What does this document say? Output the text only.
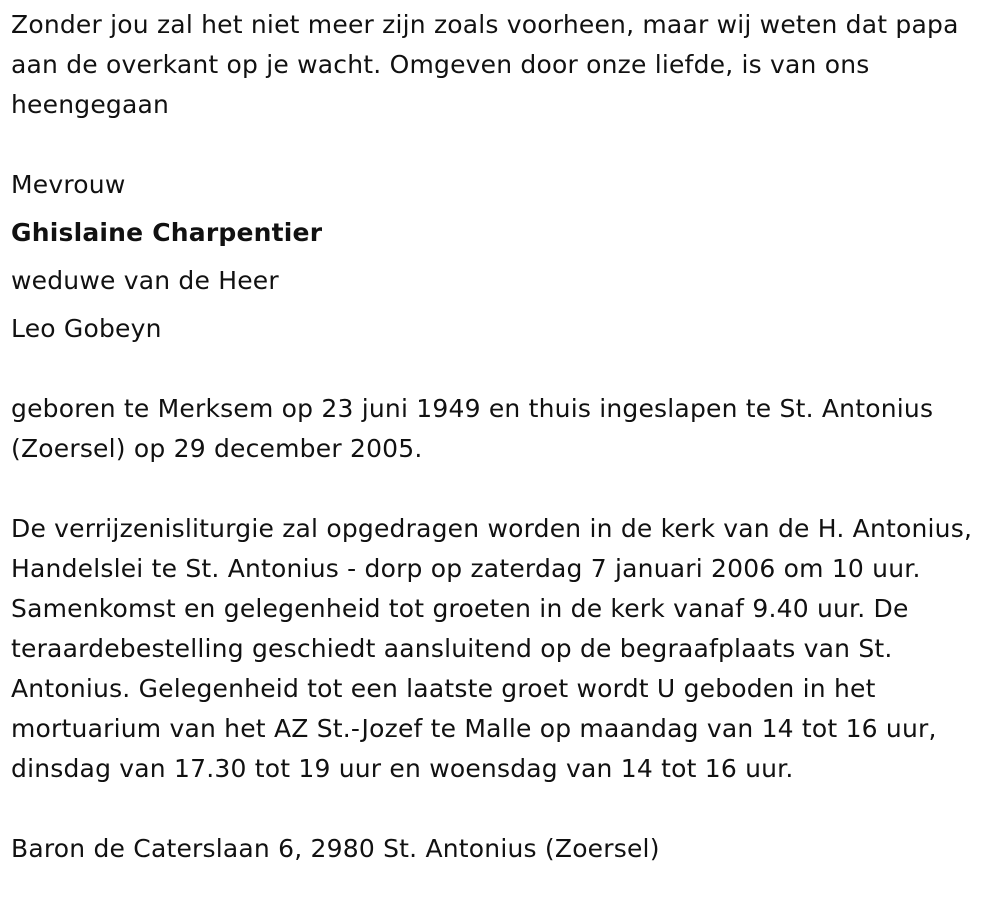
Zonder jou zal het niet meer zijn zoals voorheen, maar wij weten dat papa aan de overkant op je wacht. Omgeven door onze liefde, is van ons heengegaan

Mevrouw

Ghislaine Charpentier

weduwe van de Heer

Leo Gobeyn

geboren te Merksem op 23 juni 1949 en thuis ingeslapen te St. Antonius (Zoersel) op 29 december 2005.

De verrijzenisliturgie zal opgedragen worden in de kerk van de H. Antonius, Handelslei te St. Antonius - dorp op zaterdag 7 januari 2006 om 10 uur. Samenkomst en gelegenheid tot groeten in de kerk vanaf 9.40 uur. De teraardebestelling geschiedt aansluitend op de begraafplaats van St. Antonius. Gelegenheid tot een laatste groet wordt U geboden in het mortuarium van het AZ St.-Jozef te Malle op maandag van 14 tot 16 uur, dinsdag van 17.30 tot 19 uur en woensdag van 14 tot 16 uur.

Baron de Caterslaan 6, 2980 St. Antonius (Zoersel)
